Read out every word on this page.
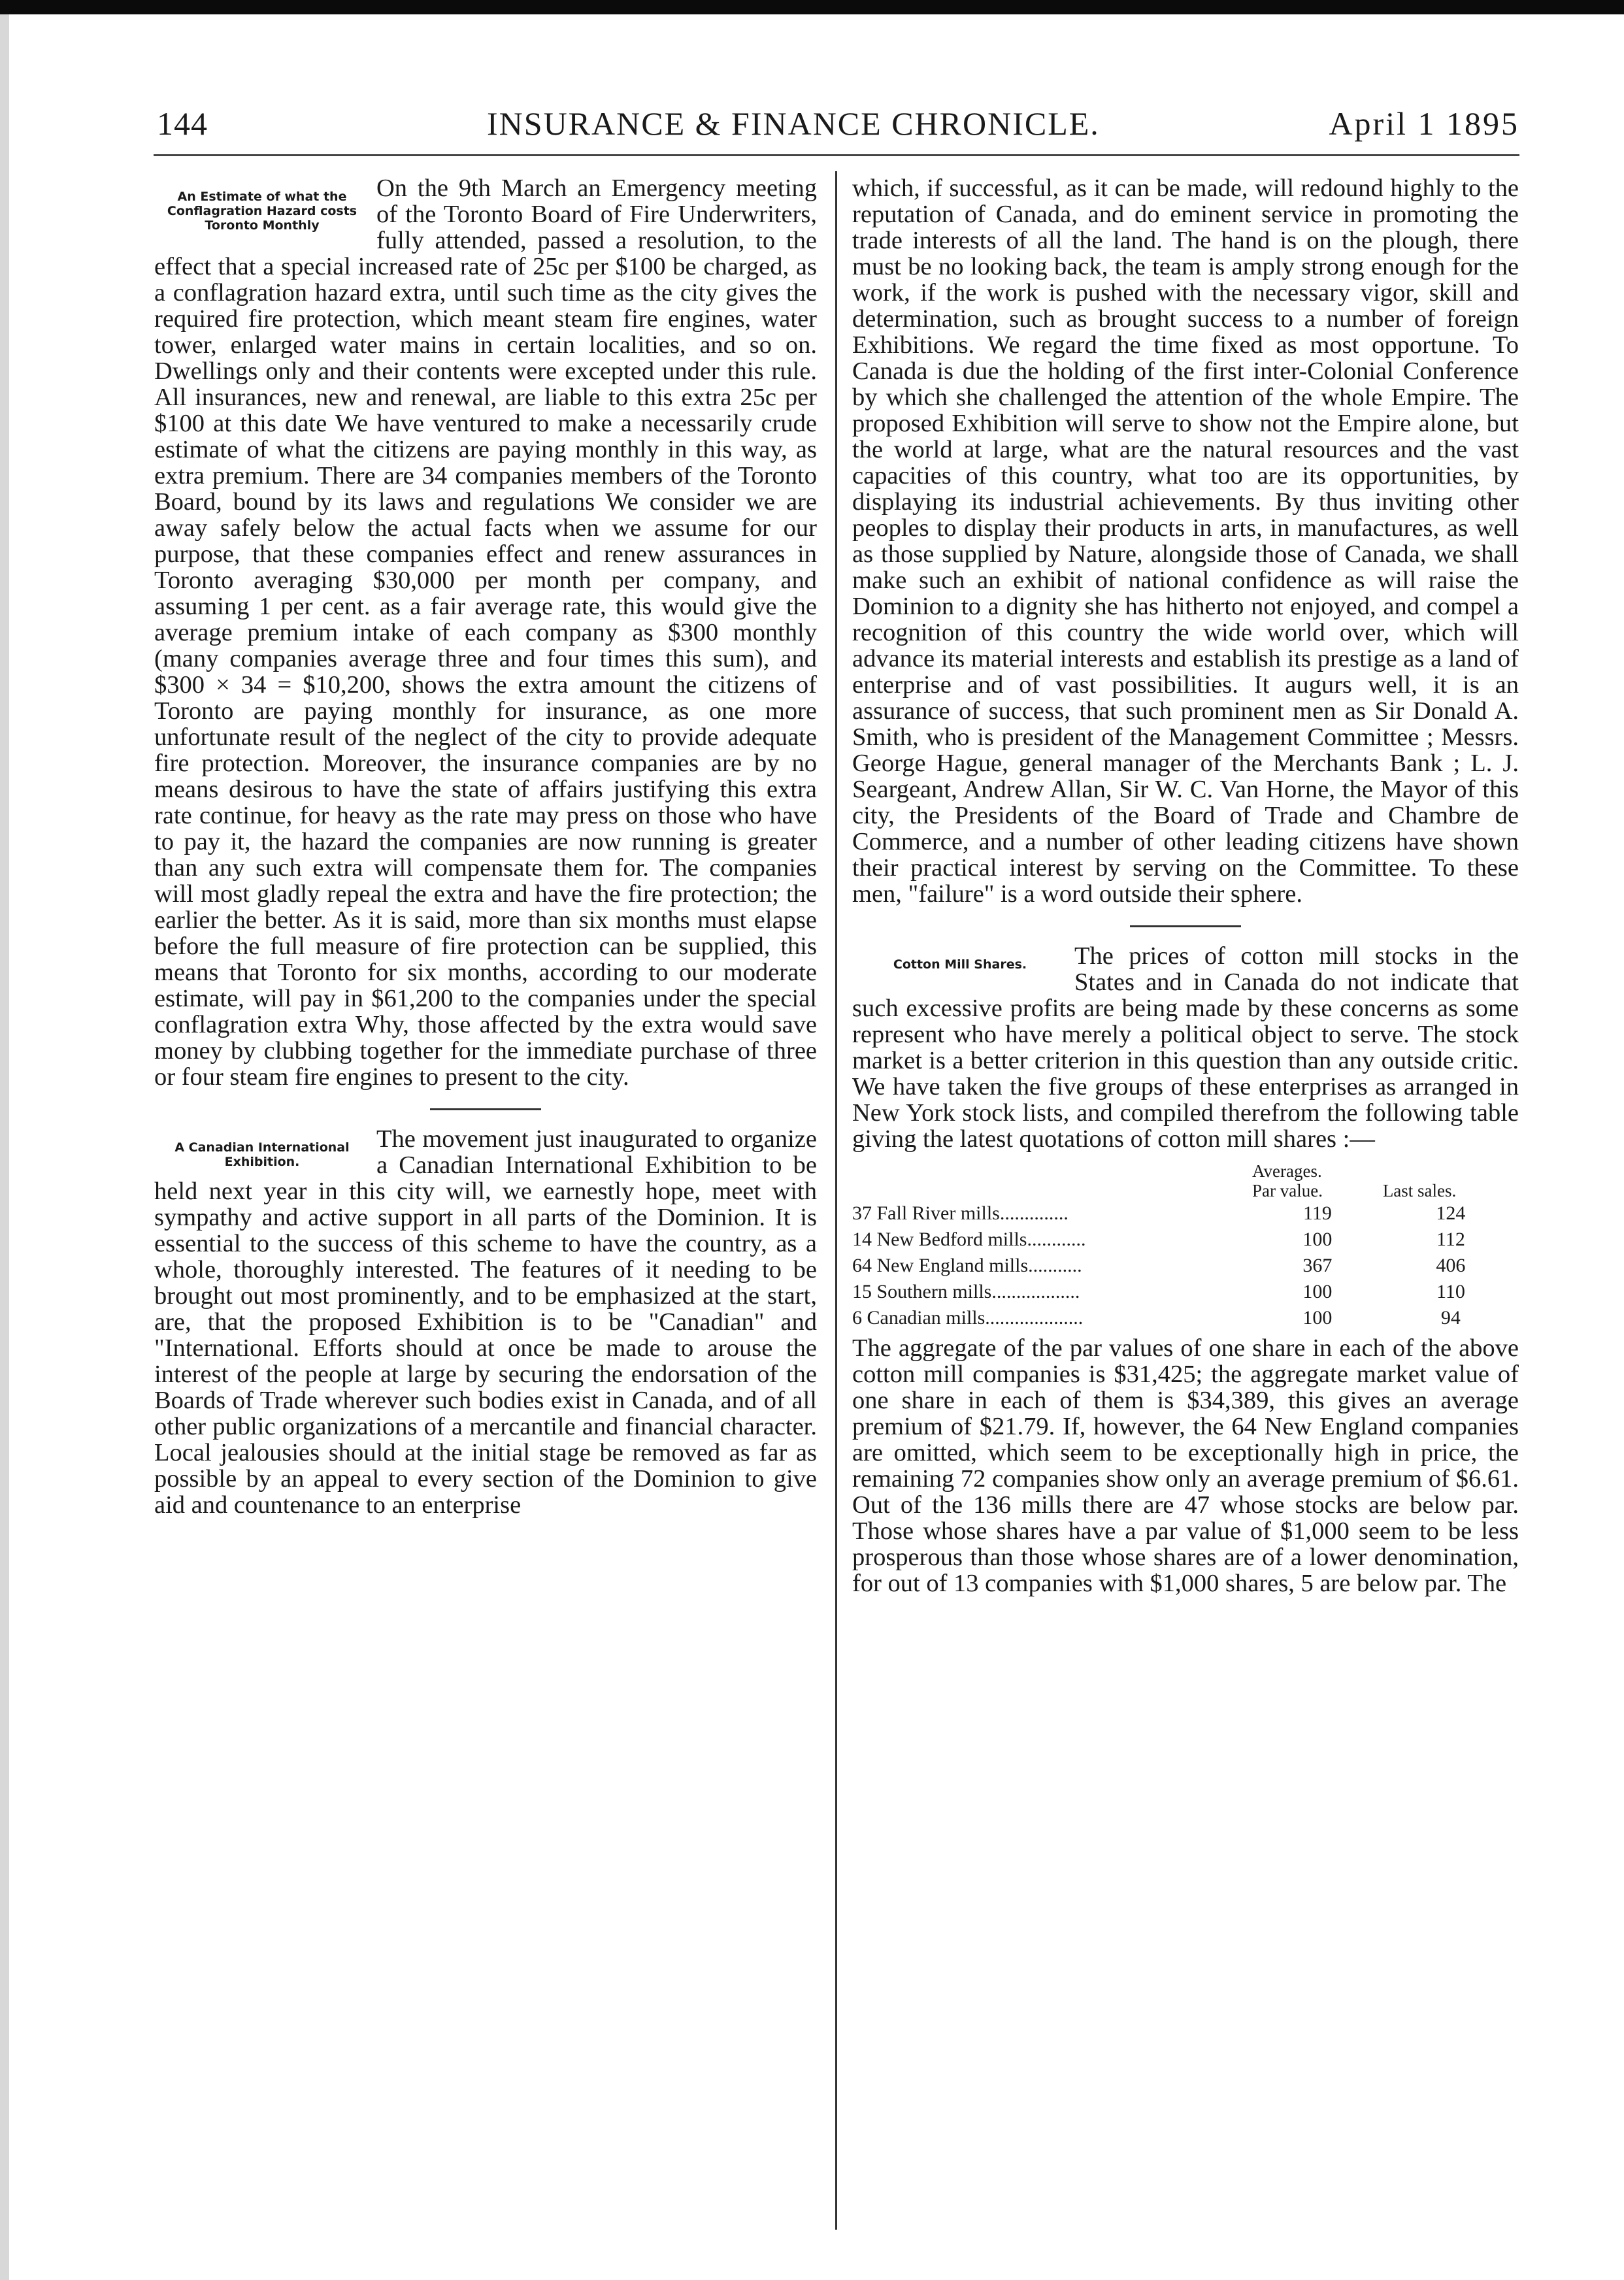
144	INSURANCE & FINANCE CHRONICLE.	April 1 1895
An Estimate of what the Conflagration Hazard costs Toronto Monthly

On the 9th March an Emergency meeting of the Toronto Board of Fire Underwriters, fully attended, passed a resolution, to the effect that a special increased rate of 25c per $100 be charged, as a conflagration hazard extra, until such time as the city gives the required fire protection, which meant steam fire engines, water tower, enlarged water mains in certain localities, and so on. Dwellings only and their contents were excepted under this rule. All insurances, new and renewal, are liable to this extra 25c per $100 at this date We have ventured to make a necessarily crude estimate of what the citizens are paying monthly in this way, as extra premium. There are 34 companies members of the Toronto Board, bound by its laws and regulations We consider we are away safely below the actual facts when we assume for our purpose, that these companies effect and renew assurances in Toronto averaging $30,000 per month per company, and assuming 1 per cent. as a fair average rate, this would give the average premium intake of each company as $300 monthly (many companies average three and four times this sum), and $300 × 34 = $10,200, shows the extra amount the citizens of Toronto are paying monthly for insurance, as one more unfortunate result of the neglect of the city to provide adequate fire protection. Moreover, the insurance companies are by no means desirous to have the state of affairs justifying this extra rate continue, for heavy as the rate may press on those who have to pay it, the hazard the companies are now running is greater than any such extra will compensate them for. The companies will most gladly repeal the extra and have the fire protection; the earlier the better. As it is said, more than six months must elapse before the full measure of fire protection can be supplied, this means that Toronto for six months, according to our moderate estimate, will pay in $61,200 to the companies under the special conflagration extra Why, those affected by the extra would save money by clubbing together for the immediate purchase of three or four steam fire engines to present to the city.

A Canadian International Exhibition.

The movement just inaugurated to organize a Canadian International Exhibition to be held next year in this city will, we earnestly hope, meet with sympathy and active support in all parts of the Dominion. It is essential to the success of this scheme to have the country, as a whole, thoroughly interested. The features of it needing to be brought out most prominently, and to be emphasized at the start, are, that the proposed Exhibition is to be "Canadian" and "International. Efforts should at once be made to arouse the interest of the people at large by securing the endorsation of the Boards of Trade wherever such bodies exist in Canada, and of all other public organizations of a mercantile and financial character. Local jealousies should at the initial stage be removed as far as possible by an appeal to every section of the Dominion to give aid and countenance to an enterprise

which, if successful, as it can be made, will redound highly to the reputation of Canada, and do eminent service in promoting the trade interests of all the land. The hand is on the plough, there must be no looking back, the team is amply strong enough for the work, if the work is pushed with the necessary vigor, skill and determination, such as brought success to a number of foreign Exhibitions. We regard the time fixed as most opportune. To Canada is due the holding of the first inter-Colonial Conference by which she challenged the attention of the whole Empire. The proposed Exhibition will serve to show not the Empire alone, but the world at large, what are the natural resources and the vast capacities of this country, what too are its opportunities, by displaying its industrial achievements. By thus inviting other peoples to display their products in arts, in manufactures, as well as those supplied by Nature, alongside those of Canada, we shall make such an exhibit of national confidence as will raise the Dominion to a dignity she has hitherto not enjoyed, and compel a recognition of this country the wide world over, which will advance its material interests and establish its prestige as a land of enterprise and of vast possibilities. It augurs well, it is an assurance of success, that such prominent men as Sir Donald A. Smith, who is president of the Management Committee ; Messrs. George Hague, general manager of the Merchants Bank ; L. J. Seargeant, Andrew Allan, Sir W. C. Van Horne, the Mayor of this city, the Presidents of the Board of Trade and Chambre de Commerce, and a number of other leading citizens have shown their practical interest by serving on the Committee. To these men, "failure" is a word outside their sphere.

Cotton Mill Shares.	The prices of cotton mill stocks in the States and in Canada do not indicate that such excessive profits are being made by these concerns as some represent who have merely a political object to serve. The stock market is a better criterion in this question than any outside critic. We have taken the five groups of these enterprises as arranged in New York stock lists, and compiled therefrom the following table giving the latest quotations of cotton mill shares :—

	Averages.	
	Par value.	Last sales.
37 Fall River mills..............	119	124
14 New Bedford mills............	100	112
64 New England mills...........	367	406
15 Southern mills..................	100	110
6 Canadian mills....................	100	94

The aggregate of the par values of one share in each of the above cotton mill companies is $31,425; the aggregate market value of one share in each of them is $34,389, this gives an average premium of $21.79. If, however, the 64 New England companies are omitted, which seem to be exceptionally high in price, the remaining 72 companies show only an average premium of $6.61. Out of the 136 mills there are 47 whose stocks are below par. Those whose shares have a par value of $1,000 seem to be less prosperous than those whose shares are of a lower denomination, for out of 13 companies with $1,000 shares, 5 are below par. The
